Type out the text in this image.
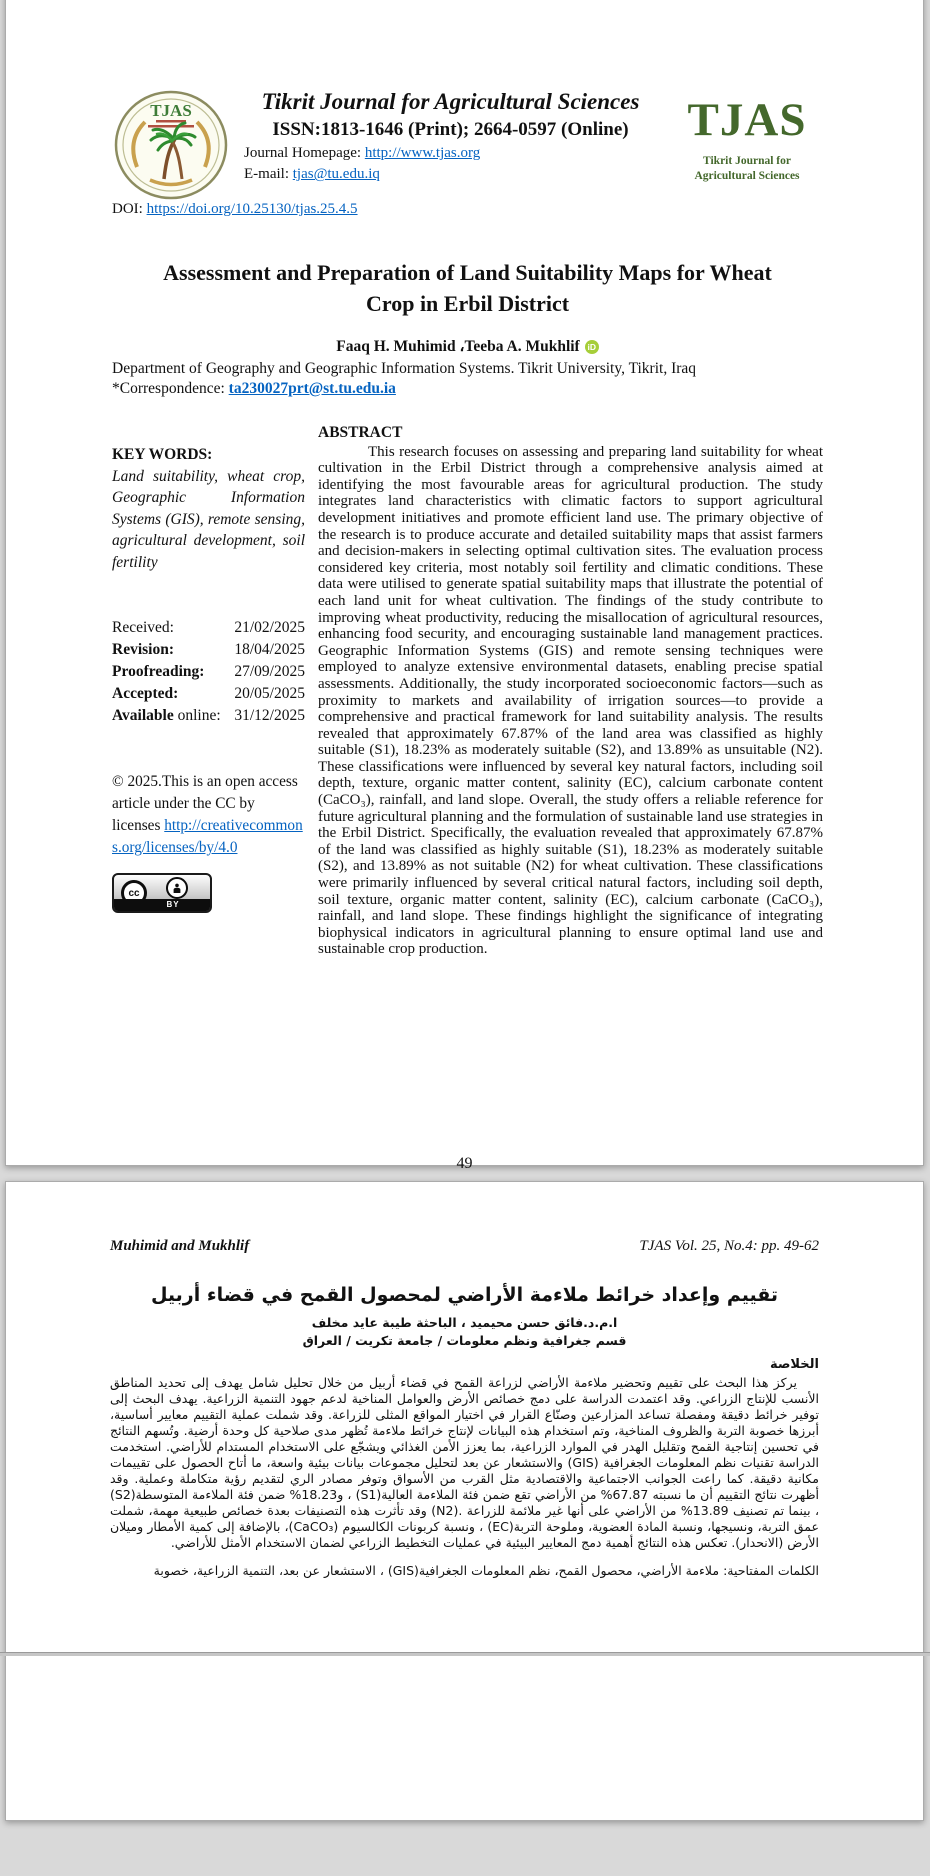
TJAS	Tikrit Journal for Agricultural Sciences
ISSN:1813-1646 (Print); 2664-0597 (Online)
Journal Homepage: http://www.tjas.org
E-mail: tjas@tu.edu.iq
TJAS
Tikrit Journal for
Agricultural Sciences
DOI: https://doi.org/10.25130/tjas.25.4.5
Assessment and Preparation of Land Suitability Maps for Wheat Crop in Erbil District
Faaq H. Muhimid ،Teeba A. Mukhlif iD
Department of Geography and Geographic Information Systems. Tikrit University, Tikrit, Iraq
*Correspondence: ta230027prt@st.tu.edu.ia
KEY WORDS:
Land suitability, wheat crop, Geographic Information Systems (GIS), remote sensing, agricultural development, soil fertility
Received:	21/02/2025
Revision:	18/04/2025
Proofreading: 27/09/2025
Accepted:	20/05/2025
Available online: 31/12/2025
© 2025.This is an open access article under the CC by licenses http://creativecommons.org/licenses/by/4.0
cc
BY
ABSTRACT

This research focuses on assessing and preparing land suitability for wheat cultivation in the Erbil District through a comprehensive analysis aimed at identifying the most favourable areas for agricultural production. The study integrates land characteristics with climatic factors to support agricultural development initiatives and promote efficient land use. The primary objective of the research is to produce accurate and detailed suitability maps that assist farmers and decision-makers in selecting optimal cultivation sites. The evaluation process considered key criteria, most notably soil fertility and climatic conditions. These data were utilised to generate spatial suitability maps that illustrate the potential of each land unit for wheat cultivation. The findings of the study contribute to improving wheat productivity, reducing the misallocation of agricultural resources, enhancing food security, and encouraging sustainable land management practices. Geographic Information Systems (GIS) and remote sensing techniques were employed to analyze extensive environmental datasets, enabling precise spatial assessments. Additionally, the study incorporated socioeconomic factors—such as proximity to markets and availability of irrigation sources—to provide a comprehensive and practical framework for land suitability analysis. The results revealed that approximately 67.87% of the land area was classified as highly suitable (S1), 18.23% as moderately suitable (S2), and 13.89% as unsuitable (N2). These classifications were influenced by several key natural factors, including soil depth, texture, organic matter content, salinity (EC), calcium carbonate content (CaCO₃), rainfall, and land slope. Overall, the study offers a reliable reference for future agricultural planning and the formulation of sustainable land use strategies in the Erbil District. Specifically, the evaluation revealed that approximately 67.87% of the land was classified as highly suitable (S1), 18.23% as moderately suitable (S2), and 13.89% as not suitable (N2) for wheat cultivation. These classifications were primarily influenced by several critical natural factors, including soil depth, soil texture, organic matter content, salinity (EC), calcium carbonate (CaCO₃), rainfall, and land slope. These findings highlight the significance of integrating biophysical indicators in agricultural planning to ensure optimal land use and sustainable crop production.

49
Muhimid and Mukhlif	TJAS Vol. 25, No.4: pp. 49-62
تقييم وإعداد خرائط ملاءمة الأراضي لمحصول القمح في قضاء أربيل
ا.م.د.فائق حسن محيميد ، الباحثة طيبة عايد مخلف
قسم جغرافية ونظم معلومات / جامعة تكريت / العراق
الخلاصة

يركز هذا البحث على تقييم وتحضير ملاءمة الأراضي لزراعة القمح في قضاء أربيل من خلال تحليل شامل يهدف إلى تحديد المناطق الأنسب للإنتاج الزراعي. وقد اعتمدت الدراسة على دمج خصائص الأرض والعوامل المناخية لدعم جهود التنمية الزراعية. يهدف البحث إلى توفير خرائط دقيقة ومفصلة تساعد المزارعين وصنّاع القرار في اختيار المواقع المثلى للزراعة. وقد شملت عملية التقييم معايير أساسية، أبرزها خصوبة التربة والظروف المناخية، وتم استخدام هذه البيانات لإنتاج خرائط ملاءمة تُظهر مدى صلاحية كل وحدة أرضية. وتُسهم النتائج في تحسين إنتاجية القمح وتقليل الهدر في الموارد الزراعية، بما يعزز الأمن الغذائي ويشجّع على الاستخدام المستدام للأراضي. استخدمت الدراسة تقنيات نظم المعلومات الجغرافية (GIS) والاستشعار عن بعد لتحليل مجموعات بيانات بيئية واسعة، ما أتاح الحصول على تقييمات مكانية دقيقة. كما راعت الجوانب الاجتماعية والاقتصادية مثل القرب من الأسواق وتوفر مصادر الري لتقديم رؤية متكاملة وعملية. وقد أظهرت نتائج التقييم أن ما نسبته 67.87% من الأراضي تقع ضمن فئة الملاءمة العالية(S1) ، و18.23% ضمن فئة الملاءمة المتوسطة(S2) ، بينما تم تصنيف 13.89% من الأراضي على أنها غير ملائمة للزراعة .(N2) وقد تأثرت هذه التصنيفات بعدة خصائص طبيعية مهمة، شملت عمق التربة، ونسيجها، ونسبة المادة العضوية، وملوحة التربة(EC) ، ونسبة كربونات الكالسيوم (CaCO₃)، بالإضافة إلى كمية الأمطار وميلان الأرض (الانحدار). تعكس هذه النتائج أهمية دمج المعايير البيئية في عمليات التخطيط الزراعي لضمان الاستخدام الأمثل للأراضي.

الكلمات المفتاحية: ملاءمة الأراضي، محصول القمح، نظم المعلومات الجغرافية(GIS) ، الاستشعار عن بعد، التنمية الزراعية، خصوبة
